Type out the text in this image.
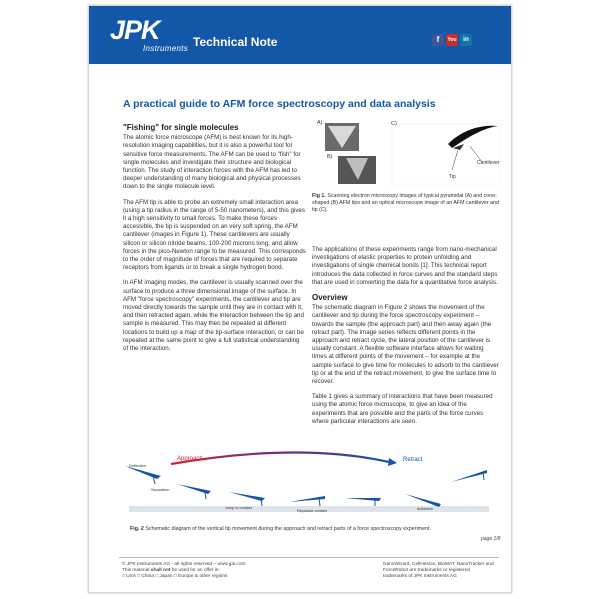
JPK
Instruments Technical Note	f	You	in
A practical guide to AFM force spectroscopy and data analysis
"Fishing" for single molecules

The atomic force microscope (AFM) is best known for its high-resolution imaging capabilities, but it is also a powerful tool for sensitive force measurements. The AFM can be used to "fish" for single molecules and investigate their structure and biological function. The study of interaction forces with the AFM has led to deeper understanding of many biological and physical processes down to the single molecule level.

The AFM tip is able to probe an extremely small interaction area (using a tip radius in the range of 5-50 nanometers), and this gives it a high sensitivity to small forces. To make these forces accessible, the tip is suspended on an very soft spring, the AFM cantilever (images in Figure 1). These cantilevers are usually silicon or silicon nitride beams, 100-200 microns long, and allow forces in the pico-Newton range to be measured. This corresponds to the order of magnitude of forces that are required to separate receptors from ligands or to break a single hydrogen bond.

In AFM imaging modes, the cantilever is usually scanned over the surface to produce a three dimensional image of the surface. In AFM "force spectroscopy" experiments, the cantilever and tip are moved directly towards the sample until they are in contact with it, and then retracted again, while the interaction between the tip and sample is measured. This may then be repeated at different locations to build up a map of the tip-surface interaction, or can be repeated at the same point to give a full statistical understanding of the interaction.

A)
B)
C)
Cantilever
Tip
Fig 1. Scanning electron microscopy images of typical pyramidal (A) and cone-shaped (B) AFM tips and an optical microscope image of an AFM cantilever and tip (C).

The applications of these experiments range from nano-mechanical investigations of elastic properties to protein unfolding and investigations of single chemical bonds [1]. This technical report introduces the data collected in force curves and the standard steps that are used in converting the data for a quantitative force analysis.

Overview

The schematic diagram in Figure 2 shows the movement of the cantilever and tip during the force spectroscopy experiment – towards the sample (the approach part) and then away again (the retract part). The image series reflects different points in the approach and retract cycle, the lateral position of the cantilever is usually constant. A flexible software interface allows for waiting times at different points of the movement – for example at the sample surface to give time for molecules to adsorb to the cantilever tip or at the end of the retract movement, to give the surface time to recover.

Table 1 gives a summary of interactions that have been measured using the atomic force microscope, to give an idea of the experiments that are possible and the parts of the force curves where particular interactions are seen.

Approach	Retract
Deflection
Separation
Jump to contact
Repulsive contact	Adhesion
Fig. 2 Schematic diagram of the vertical tip movement during the approach and retract parts of a force spectroscopy experiment.
page 1/8
© JPK Instruments AG - all rights reserved – www.jpk.com
This material shall not be used for an offer in:
□ USA □ China □ Japan □ Europe & other regions
NanoWizard, CellHesion, BioMAT, NanoTracker and ForceRobot are trademarks or registered trademarks of JPK Instruments AG
